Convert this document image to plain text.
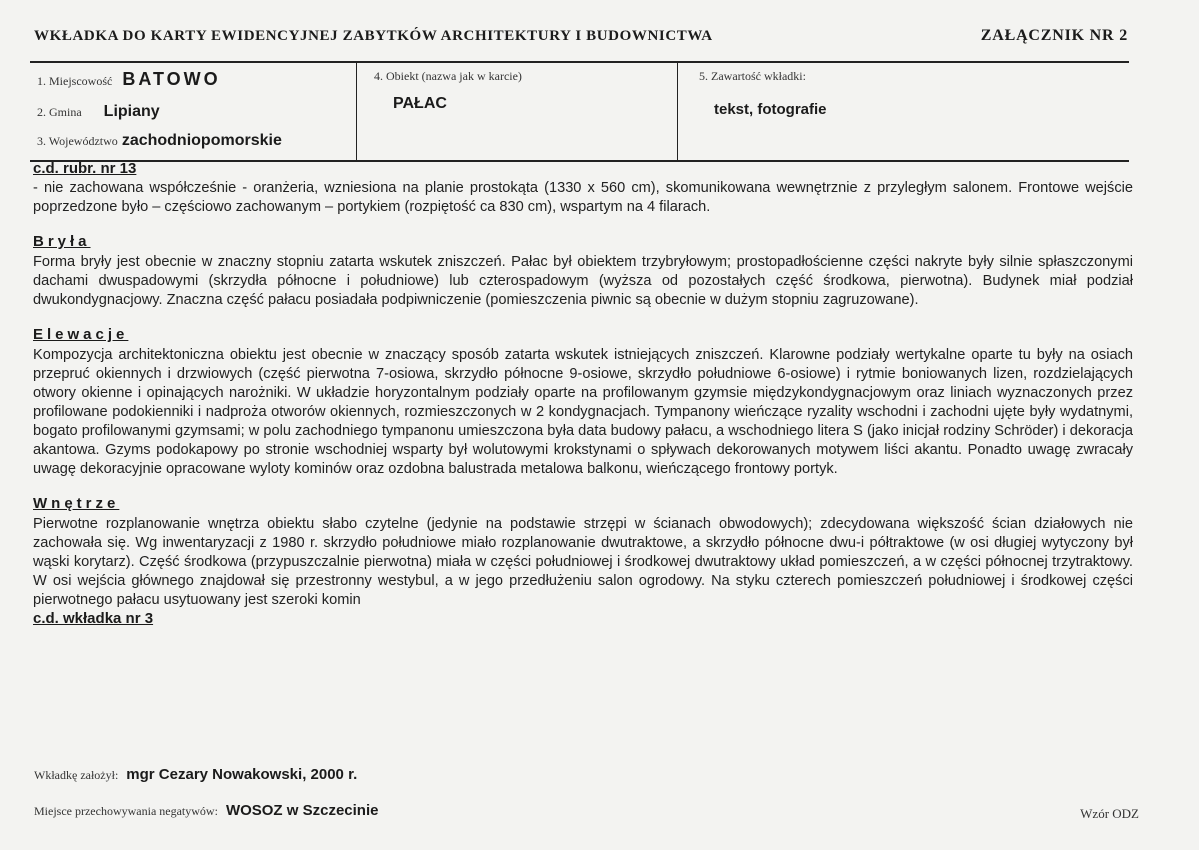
WKŁADKA DO KARTY EWIDENCYJNEJ ZABYTKÓW ARCHITEKTURY I BUDOWNICTWA	ZAŁĄCZNIK NR 2
1. Miejscowość BATOWO
2. Gmina Lipiany
3. Województwo zachodniopomorskie
4. Obiekt (nazwa jak w karcie)
PAŁAC
5. Zawartość wkładki:
tekst, fotografie

c.d. rubr. nr 13

- nie zachowana współcześnie - oranżeria, wzniesiona na planie prostokąta (1330 x 560 cm), skomunikowana wewnętrznie z przyległym salonem. Frontowe wejście poprzedzone było – częściowo zachowanym – portykiem (rozpiętość ca 830 cm), wspartym na 4 filarach.

Bryła

Forma bryły jest obecnie w znaczny stopniu zatarta wskutek zniszczeń. Pałac był obiektem trzybryłowym; prostopadłościenne części nakryte były silnie spłaszczonymi dachami dwuspadowymi (skrzydła północne i południowe) lub czterospadowym (wyższa od pozostałych część środkowa, pierwotna). Budynek miał podział dwukondygnacjowy. Znaczna część pałacu posiadała podpiwniczenie (pomieszczenia piwnic są obecnie w dużym stopniu zagruzowane).

Elewacje

Kompozycja architektoniczna obiektu jest obecnie w znaczący sposób zatarta wskutek istniejących zniszczeń. Klarowne podziały wertykalne oparte tu były na osiach przepruć okiennych i drzwiowych (część pierwotna 7-osiowa, skrzydło północne 9-osiowe, skrzydło południowe 6-osiowe) i rytmie boniowanych lizen, rozdzielających otwory okienne i opinających narożniki. W układzie horyzontalnym podziały oparte na profilowanym gzymsie międzykondygnacjowym oraz liniach wyznaczonych przez profilowane podokienniki i nadproża otworów okiennych, rozmieszczonych w 2 kondygnacjach. Tympanony wieńczące ryzality wschodni i zachodni ujęte były wydatnymi, bogato profilowanymi gzymsami; w polu zachodniego tympanonu umieszczona była data budowy pałacu, a wschodniego litera S (jako inicjał rodziny Schröder) i dekoracja akantowa. Gzyms podokapowy po stronie wschodniej wsparty był wolutowymi krokstynami o spływach dekorowanych motywem liści akantu. Ponadto uwagę zwracały uwagę dekoracyjnie opracowane wyloty kominów oraz ozdobna balustrada metalowa balkonu, wieńczącego frontowy portyk.

Wnętrze

Pierwotne rozplanowanie wnętrza obiektu słabo czytelne (jedynie na podstawie strzępi w ścianach obwodowych); zdecydowana większość ścian działowych nie zachowała się. Wg inwentaryzacji z 1980 r. skrzydło południowe miało rozplanowanie dwutraktowe, a skrzydło północne dwu-i półtraktowe (w osi długiej wytyczony był wąski korytarz). Część środkowa (przypuszczalnie pierwotna) miała w części południowej i środkowej dwutraktowy układ pomieszczeń, a w części północnej trzytraktowy. W osi wejścia głównego znajdował się przestronny westybul, a w jego przedłużeniu salon ogrodowy. Na styku czterech pomieszczeń południowej i środkowej części pierwotnego pałacu usytuowany jest szeroki komin

c.d. wkładka nr 3

Wkładkę założył: mgr Cezary Nowakowski, 2000 r.
Miejsce przechowywania negatywów: WOSOZ w Szczecinie	Wzór ODZ
